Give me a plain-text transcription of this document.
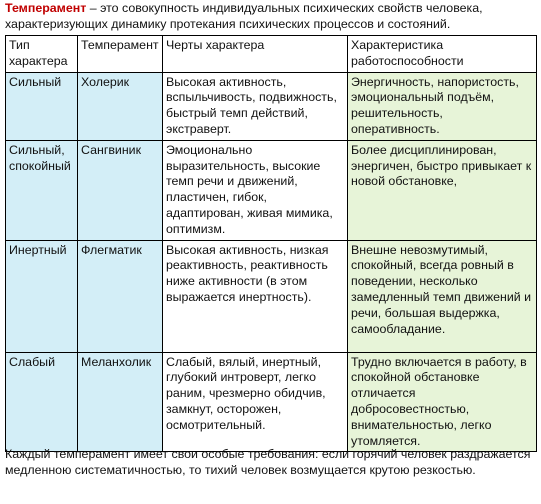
Темперамент – это совокупность индивидуальных психических свойств человека,
характеризующих динамику протекания психических процессов и состояний.
Тип характера	Темперамент	Черты характера	Характеристика работоспособности
Сильный	Холерик	Высокая активность, вспыльчивость, подвижность, быстрый темп действий, экстраверт.	Энергичность, напористость, эмоциональный подъём, решительность, оперативность.
Сильный, спокойный	Сангвиник	Эмоционально выразительность, высокие темп речи и движений, пластичен, гибок, адаптирован, живая мимика, оптимизм.	Более дисциплинирован, энергичен, быстро привыкает к новой обстановке,
Инертный	Флегматик	Высокая активность, низкая реактивность, реактивность ниже активности (в этом выражается инертность).	Внешне невозмутимый, спокойный, всегда ровный в поведении, несколько замедленный темп движений и речи, большая выдержка, самообладание.
Слабый	Меланхолик	Слабый, вялый, инертный, глубокий интроверт, легко раним, чрезмерно обидчив, замкнут, осторожен, осмотрительный.	Трудно включается в работу, в спокойной обстановке отличается добросовестностью, внимательностью, легко утомляется.
Каждый темперамент имеет свои особые требования: если горячий человек раздражается медленною систематичностью, то тихий человек возмущается крутою резкостью.
